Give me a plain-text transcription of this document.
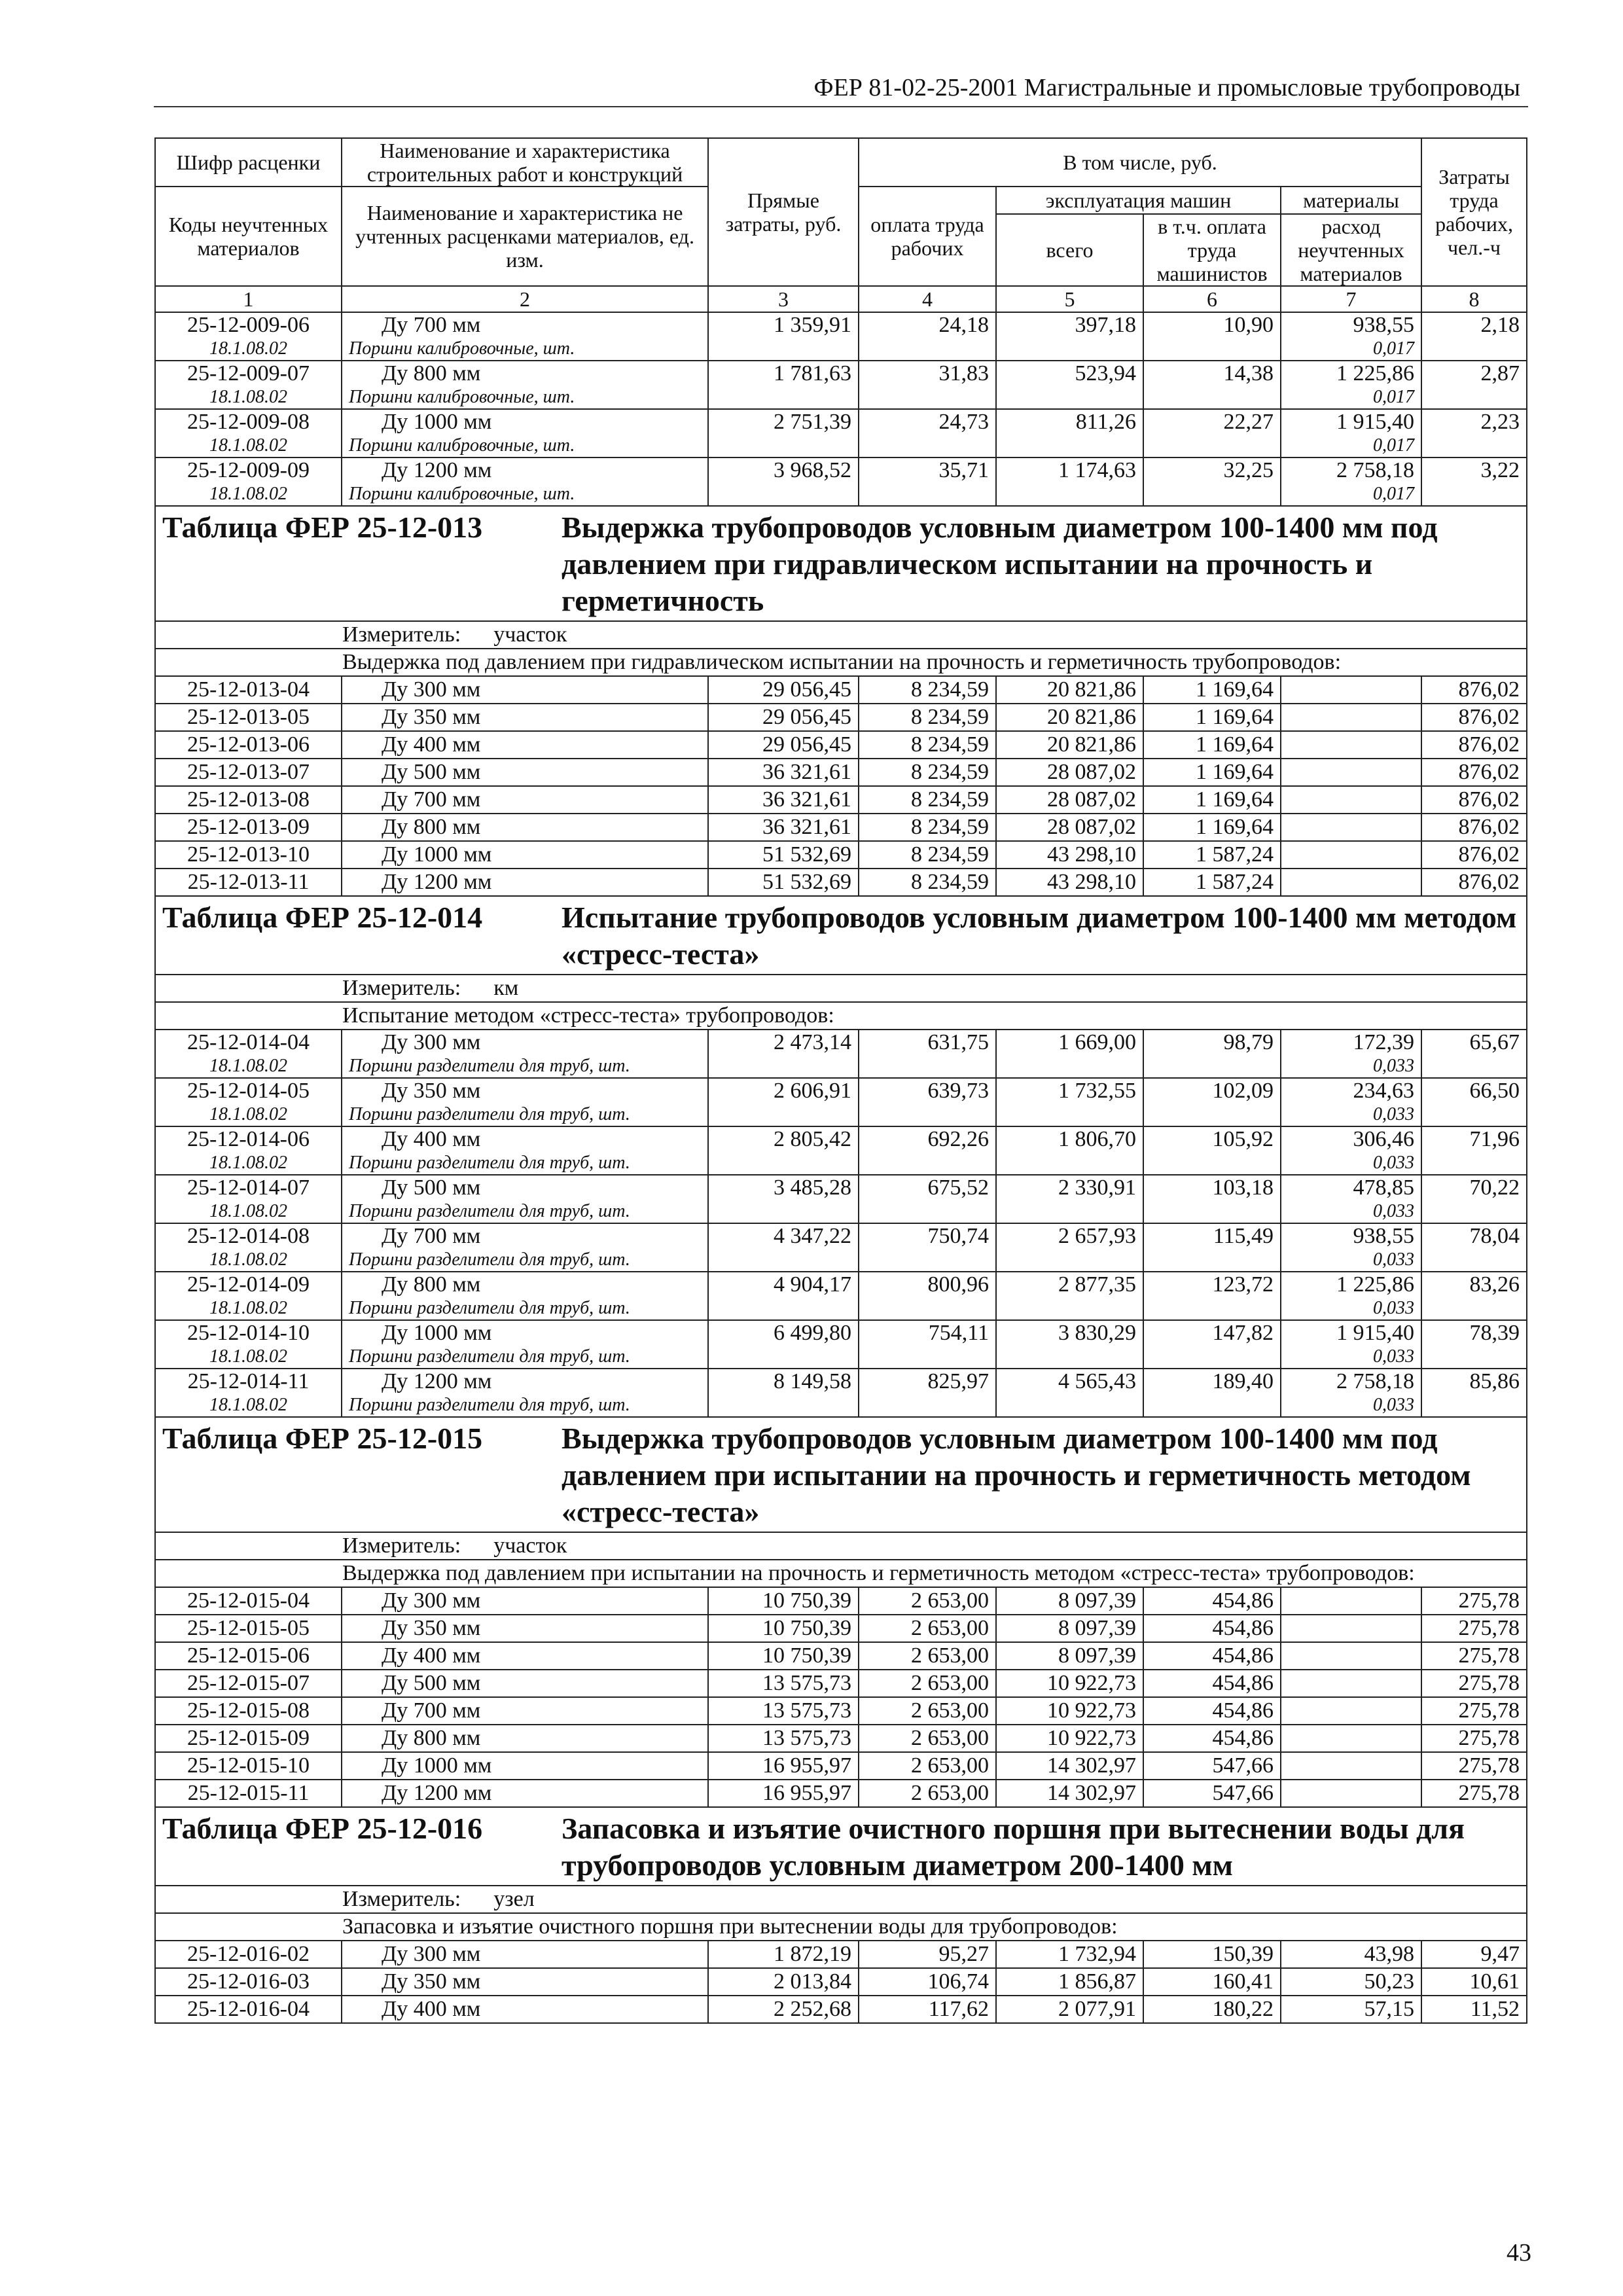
ФЕР 81-02-25-2001 Магистральные и промысловые трубопроводы
Шифр расценки	Наименование и характеристика строительных работ и конструкций	Прямые затраты, руб.	В том числе, руб.				Затраты труда рабочих, чел.-ч
Коды неучтенных материалов	Наименование и характеристика не учтенных расценками материалов, ед. изм.		оплата труда рабочих	эксплуатация машин		материалы	
				всего	в т.ч. оплата труда машинистов	расход неучтенных материалов	
1	2	3	4	5	6	7	8
25-12-009-06	Ду 700 мм	1 359,91	24,18	397,18	10,90	938,55	2,18
18.1.08.02	Поршни калибровочные, шт.					0,017	
25-12-009-07	Ду 800 мм	1 781,63	31,83	523,94	14,38	1 225,86	2,87
18.1.08.02	Поршни калибровочные, шт.					0,017	
25-12-009-08	Ду 1000 мм	2 751,39	24,73	811,26	22,27	1 915,40	2,23
18.1.08.02	Поршни калибровочные, шт.					0,017	
25-12-009-09	Ду 1200 мм	3 968,52	35,71	1 174,63	32,25	2 758,18	3,22
18.1.08.02	Поршни калибровочные, шт.					0,017	

Таблица ФЕР 25-12-013 Выдержка трубопроводов условным диаметром 100-1400 мм под давлением при гидравлическом испытании на прочность и герметичность							

Измеритель: участок							
Выдержка под давлением при гидравлическом испытании на прочность и герметичность трубопроводов:							
25-12-013-04	Ду 300 мм	29 056,45	8 234,59	20 821,86	1 169,64		876,02
25-12-013-05	Ду 350 мм	29 056,45	8 234,59	20 821,86	1 169,64		876,02
25-12-013-06	Ду 400 мм	29 056,45	8 234,59	20 821,86	1 169,64		876,02
25-12-013-07	Ду 500 мм	36 321,61	8 234,59	28 087,02	1 169,64		876,02
25-12-013-08	Ду 700 мм	36 321,61	8 234,59	28 087,02	1 169,64		876,02
25-12-013-09	Ду 800 мм	36 321,61	8 234,59	28 087,02	1 169,64		876,02
25-12-013-10	Ду 1000 мм	51 532,69	8 234,59	43 298,10	1 587,24		876,02
25-12-013-11	Ду 1200 мм	51 532,69	8 234,59	43 298,10	1 587,24		876,02

Таблица ФЕР 25-12-014 Испытание трубопроводов условным диаметром 100-1400 мм методом «стресс-теста»							

Измеритель: км							
Испытание методом «стресс-теста» трубопроводов:							
25-12-014-04	Ду 300 мм	2 473,14	631,75	1 669,00	98,79	172,39	65,67
18.1.08.02	Поршни разделители для труб, шт.					0,033	
25-12-014-05	Ду 350 мм	2 606,91	639,73	1 732,55	102,09	234,63	66,50
18.1.08.02	Поршни разделители для труб, шт.					0,033	
25-12-014-06	Ду 400 мм	2 805,42	692,26	1 806,70	105,92	306,46	71,96
18.1.08.02	Поршни разделители для труб, шт.					0,033	
25-12-014-07	Ду 500 мм	3 485,28	675,52	2 330,91	103,18	478,85	70,22
18.1.08.02	Поршни разделители для труб, шт.					0,033	
25-12-014-08	Ду 700 мм	4 347,22	750,74	2 657,93	115,49	938,55	78,04
18.1.08.02	Поршни разделители для труб, шт.					0,033	
25-12-014-09	Ду 800 мм	4 904,17	800,96	2 877,35	123,72	1 225,86	83,26
18.1.08.02	Поршни разделители для труб, шт.					0,033	
25-12-014-10	Ду 1000 мм	6 499,80	754,11	3 830,29	147,82	1 915,40	78,39
18.1.08.02	Поршни разделители для труб, шт.					0,033	
25-12-014-11	Ду 1200 мм	8 149,58	825,97	4 565,43	189,40	2 758,18	85,86
18.1.08.02	Поршни разделители для труб, шт.					0,033	

Таблица ФЕР 25-12-015 Выдержка трубопроводов условным диаметром 100-1400 мм под давлением при испытании на прочность и герметичность методом «стресс-теста»							

Измеритель: участок							
Выдержка под давлением при испытании на прочность и герметичность методом «стресс-теста» трубопроводов:							
25-12-015-04	Ду 300 мм	10 750,39	2 653,00	8 097,39	454,86		275,78
25-12-015-05	Ду 350 мм	10 750,39	2 653,00	8 097,39	454,86		275,78
25-12-015-06	Ду 400 мм	10 750,39	2 653,00	8 097,39	454,86		275,78
25-12-015-07	Ду 500 мм	13 575,73	2 653,00	10 922,73	454,86		275,78
25-12-015-08	Ду 700 мм	13 575,73	2 653,00	10 922,73	454,86		275,78
25-12-015-09	Ду 800 мм	13 575,73	2 653,00	10 922,73	454,86		275,78
25-12-015-10	Ду 1000 мм	16 955,97	2 653,00	14 302,97	547,66		275,78
25-12-015-11	Ду 1200 мм	16 955,97	2 653,00	14 302,97	547,66		275,78

Таблица ФЕР 25-12-016 Запасовка и изъятие очистного поршня при вытеснении воды для трубопроводов условным диаметром 200-1400 мм							

Измеритель: узел							
Запасовка и изъятие очистного поршня при вытеснении воды для трубопроводов:							
25-12-016-02	Ду 300 мм	1 872,19	95,27	1 732,94	150,39	43,98	9,47
25-12-016-03	Ду 350 мм	2 013,84	106,74	1 856,87	160,41	50,23	10,61
25-12-016-04	Ду 400 мм	2 252,68	117,62	2 077,91	180,22	57,15	11,52
43
